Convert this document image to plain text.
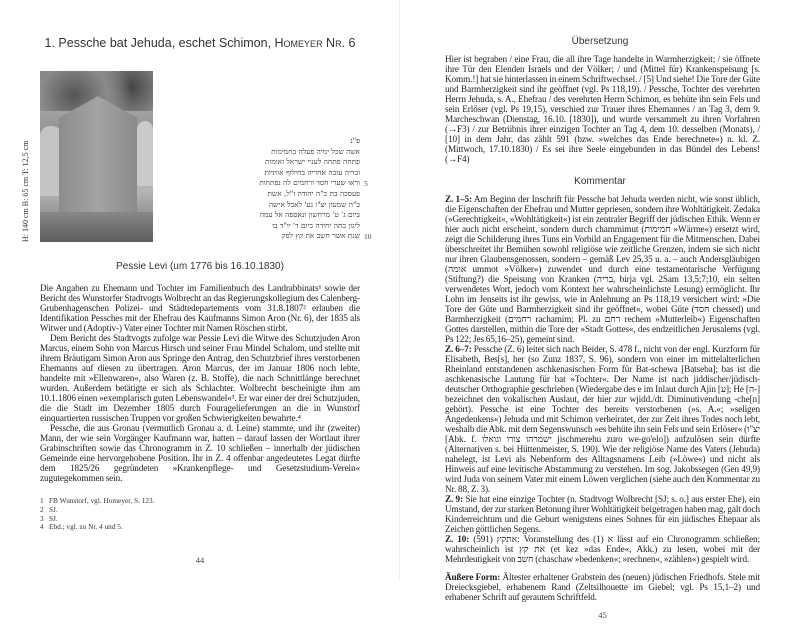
1. Pessche bat Jehuda, eschet Schimon, Homeyer Nr. 6
H: 140 cm B: 65 cm T: 12,5 cm
פ"נ
אשה שכל ימיה פעלה בחמימות
פתחה פתחה לעניי ישראל ואומות
ובריה עזבה אחריה בחילוף אותיות
וראו שערי חסד ורחמים לה נפתחות
פעסכה בת כ"ה יהודה ז"ל, אשת
כ"ה שמעון יצ"ו נע' לאבל אישה
ביום ג' ט' מרחשון ונאספה אל עמה
ליגון בתה יחידה ביום ד' יו"ד בו
שנת אשר חשב את קץ לפק
5
10
Pessie Levi (um 1776 bis 16.10.1830)

Die Angaben zu Ehemann und Tochter im Familienbuch des Landrabbinats¹ sowie der Bericht des Wunstorfer Stadtvogts Wolbrecht an das Regierungskollegium des Calenberg-Grubenhagenschen Polizei- und Städtedepartements vom 31.8.1807² erlauben die Identifikation Pessches mit der Ehefrau des Kaufmanns Simon Aron (Nr. 6), der 1835 als Witwer und (Adoptiv-) Vater einer Tochter mit Namen Röschen stirbt.

Dem Bericht des Stadtvogts zufolge war Pessie Levi die Witwe des Schutzjuden Aron Marcus, einem Sohn von Marcus Hirsch und seiner Frau Mindel Schalom, und stellte mit ihrem Bräutigam Simon Aron aus Springe den Antrag, den Schutzbrief ihres verstorbenen Ehemanns auf diesen zu übertragen. Aron Marcus, der im Januar 1806 noch lebte, handelte mit »Ellenwaren«, also Waren (z. B. Stoffe), die nach Schnittlänge berechnet wurden. Außerdem betätigte er sich als Schlachter. Wolbrecht bescheinigte ihm am 10.1.1806 einen »exemplarisch guten Lebenswandel«³. Er war einer der drei Schutzjuden, die die Stadt im Dezember 1805 durch Fouragelieferungen an die in Wunstorf einquartierten russischen Truppen vor großen Schwierigkeiten bewahrte.⁴

Pessche, die aus Gronau (vermutlich Gronau a. d. Leine) stammte, und ihr (zweiter) Mann, der wie sein Vorgänger Kaufmann war, hatten – darauf lassen der Wortlaut ihrer Grabinschriften sowie das Chronogramm in Z. 10 schließen – innerhalb der jüdischen Gemeinde eine hervorgehobene Position. Ihr in Z. 4 offenbar angedeutetes Legat dürfte dem 1825/26 gegründeten »Krankenpflege- und Gesetzstudium-Verein« zugutegekommen sein.

1 FB Wunstorf, vgl. Homeyer, S. 123.
2 SJ.
3 SJ.
4 Ebd.; vgl. zu Nr. 4 und 5.
44
Übersetzung

Hier ist begraben / eine Frau, die all ihre Tage handelte in Warmherzigkeit; / sie öffnete ihre Tür den Elenden Israels und der Völker; / und (Mittel für) Krankenspeisung [s. Komm.!] hat sie hinterlassen in einem Schriftwechsel. / [5] Und siehe! Die Tore der Güte und Barmherzigkeit sind ihr geöffnet (vgl. Ps 118,19). / Pessche, Tochter des verehrten Herrn Jehuda, s. A., Ehefrau / des verehrten Herrn Schimon, es behüte ihn sein Fels und sein Erlöser (vgl. Ps 19,15), verschied zur Trauer ihres Ehemannes / an Tag 3, dem 9. Marcheschwan (Dienstag, 16.10. [1830]), und wurde versammelt zu ihren Vorfahren (→F3) / zur Betrübnis ihrer einzigen Tochter an Tag 4, dem 10. desselben (Monats), / [10] in dem Jahr, das zählt 591 (bzw. »welches das Ende berechnete«) n. kl. Z. (Mittwoch, 17.10.1830) / Es sei ihre Seele eingebunden in das Bündel des Lebens! (→F4)

Kommentar

Z. 1–5: Am Beginn der Inschrift für Pessche bat Jehuda werden nicht, wie sonst üblich, die Eigenschaften der Ehefrau und Mutter gepriesen, sondern ihre Wohltätigkeit. Zedaka (»Gerechtigkeit«, »Wohltätigkeit«) ist ein zentraler Begriff der jüdischen Ethik. Wenn er hier auch nicht erscheint, sondern durch chammimut (חמימות »Wärme«) ersetzt wird, zeigt die Schilderung ihres Tuns ein Vorbild an Engagement für die Mitmenschen. Dabei überschreitet ihr Bemühen sowohl religiöse wie zeitliche Grenzen, indem sie sich nicht nur ihren Glaubensgenossen, sondern – gemäß Lev 25,35 u. a. – auch Andersgläubigen (אומה ummot »Völker«) zuwendet und durch eine testamentarische Verfügung (Stiftung?) die Speisung von Kranken (בריה, birja vgl. 2Sam 13,5;7;10, ein selten verwendetes Wort, jedoch vom Kontext her wahrscheinlichste Lesung) ermöglicht. Ihr Lohn im Jenseits ist ihr gewiss, wie in Anlehnung an Ps 118,19 versichert wird: »Die Tore der Güte und Barmherzigkeit sind ihr geöffnet«, wobei Güte (חסד chessed) und Barmherzigkeit (רחמים rachamim; Pl. zu רחם rechem »Mutterleib«) Eigenschaften Gottes darstellen, mithin die Tore der »Stadt Gottes«, des endzeitlichen Jerusalems (vgl. Ps 122; Jes 65,16–25), gemeint sind.

Z. 6–7: Pessche (Z. 6) leitet sich nach Beider, S. 478 f., nicht von der engl. Kurzform für Elisabeth, Bes[s], her (so Zunz 1837, S. 96), sondern von einer im mittelalterlichen Rheinland entstandenen aschkenasischen Form für Bat-schewa [Batseba]; bas ist die aschkenasische Lautung für bat »Tochter«. Der Name ist nach jiddischer/jüdisch-deutscher Orthographie geschrieben (Wiedergabe des e im Inlaut durch Ajin [ע]; He [ה-] bezeichnet den vokalischen Auslaut, der hier zur wjidd./dt. Diminutivendung -che[n] gehört). Pessche ist eine Tochter des bereits verstorbenen (»s. A.«; »seligen Angedenkens«) Jehuda und mit Schimon verheiratet, der zur Zeit ihres Todes noch lebt, weshalb die Abk. mit dem Segenswunsch »es behüte ihn sein Fels und sein Erlöser« (יצ"ו [Abk. f. ישמרהו צורו וגואלו jischmerehu zuro we-go'elo]) aufzulösen sein dürfte (Alternativen s. bei Hüttenmeister, S. 190). Wie der religiöse Name des Vaters (Jehuda) nahelegt, ist Levi als Nebenform des Alltagsnamens Leib (»Löwe«) und nicht als Hinweis auf eine levitische Abstammung zu verstehen. Im sog. Jakobssegen (Gen 49,9) wird Juda von seinem Vater mit einem Löwen verglichen (siehe auch den Kommentar zu Nr. 88, Z. 3).

Z. 9: Sie hat eine einzige Tochter (n. Stadtvogt Wolbrecht [SJ; s. o.] aus erster Ehe), ein Umstand, der zur starken Betonung ihrer Wohltätigkeit beigetragen haben mag, galt doch Kinderreichtum und die Geburt wenigstens eines Sohnes für ein jüdisches Ehepaar als Zeichen göttlichen Segens.

Z. 10: אתקץ (591): Voranstellung des א (1) lässt auf ein Chronogramm schließen; wahrscheinlich ist את קץ (et kez »das Ende«, Akk.) zu lesen, wobei mit der Mehrdeutigkeit von חשב (chaschaw »bedenken«; »rechnen«, »zählen«) gespielt wird.

Äußere Form: Ältester erhaltener Grabstein des (neuen) jüdischen Friedhofs. Stele mit Dreiecksgiebel, erhabenem Rand (Zeltsilhouette im Giebel; vgl. Ps 15,1–2) und erhabener Schrift auf gerautem Schriftfeld.

45
